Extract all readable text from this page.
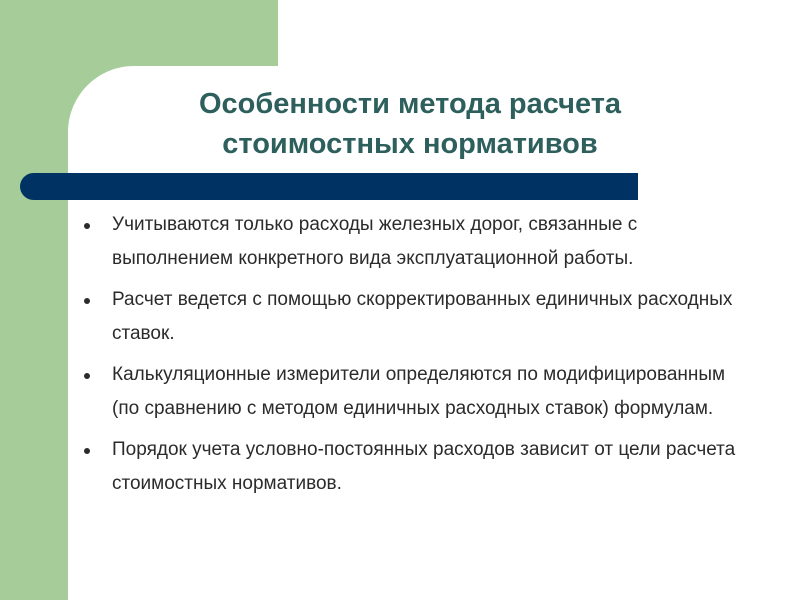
Особенности метода расчета
стоимостных нормативов
Учитываются только расходы железных дорог, связанные с выполнением конкретного вида эксплуатационной работы.
Расчет ведется с помощью скорректированных единичных расходных ставок.
Калькуляционные измерители определяются по модифицированным (по сравнению с методом единичных расходных ставок) формулам.
Порядок учета условно-постоянных расходов зависит от цели расчета стоимостных нормативов.
